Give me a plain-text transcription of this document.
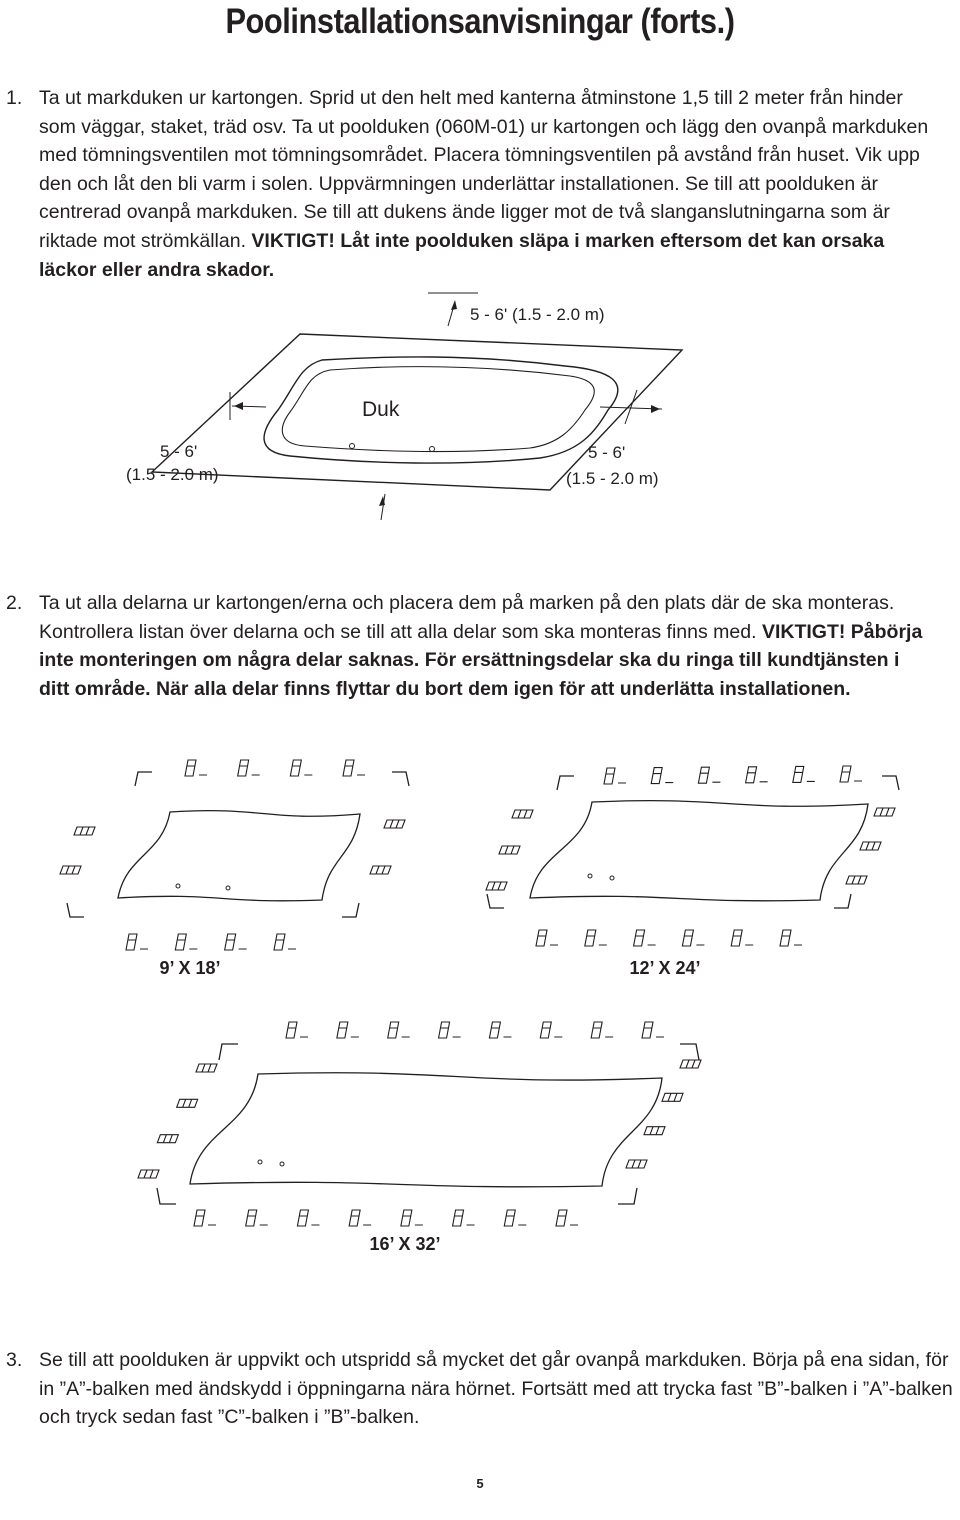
Poolinstallationsanvisningar (forts.)
1. Ta ut markduken ur kartongen. Sprid ut den helt med kanterna åtminstone 1,5 till 2 meter från hinder som väggar, staket, träd osv. Ta ut poolduken (060M-01) ur kartongen och lägg den ovanpå markduken med tömningsventilen mot tömningsområdet. Placera tömningsventilen på avstånd från huset. Vik upp den och låt den bli varm i solen. Uppvärmningen underlättar installationen. Se till att poolduken är centrerad ovanpå markduken. Se till att dukens ände ligger mot de två slanganslutningarna som är riktade mot strömkällan. VIKTIGT! Låt inte poolduken släpa i marken eftersom det kan orsaka läckor eller andra skador.
Duk
5 - 6' (1.5 - 2.0 m)
5 - 6'
(1.5 - 2.0 m)
5 - 6'
(1.5 - 2.0 m)
2. Ta ut alla delarna ur kartongen/erna och placera dem på marken på den plats där de ska monteras. Kontrollera listan över delarna och se till att alla delar som ska monteras finns med. VIKTIGT! Påbörja inte monteringen om några delar saknas. För ersättningsdelar ska du ringa till kundtjänsten i ditt område. När alla delar finns flyttar du bort dem igen för att underlätta installationen.
9’ X 18’	12’ X 24’
16’ X 32’
3. Se till att poolduken är uppvikt och utspridd så mycket det går ovanpå markduken. Börja på ena sidan, för in ”A”-balken med ändskydd i öppningarna nära hörnet. Fortsätt med att trycka fast ”B”-balken i ”A”-balken och tryck sedan fast ”C”-balken i ”B”-balken.
5
